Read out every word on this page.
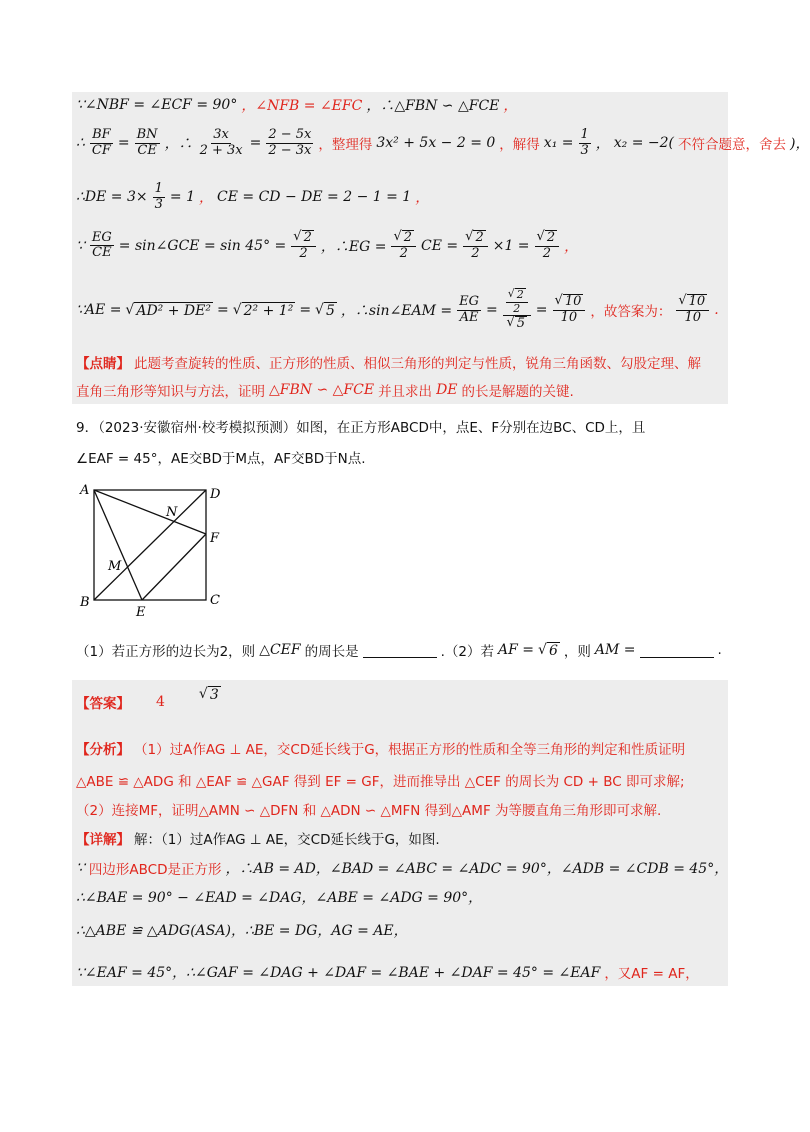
∵∠NBF = ∠ECF = 90° ，∠NFB = ∠EFC ，∴△FBN ∽ △FCE ，
∴ $\frac{BF}{CF} = \frac{BN}{CE}$ ，∴ $\frac{3x}{2 + 3x} = \frac{2 - 5x}{2 - 3x}$ ，整理得 3x² + 5x − 2 = 0 ，解得 $x_1 = \frac{1}{3}$ ， x₂ = −2( 不符合题意，舍去 )，
∴DE = $3\times \frac{1}{3} = 1$ ， CE = CD − DE = 2 − 1 = 1 ，
∵ $\frac{EG}{CE}$ = sin∠GCE = $\sin 45^\circ = \frac{√ 2}{2}$ ，∴EG = $\frac{√ 2}{2}$ CE = $\frac{√ 2}{2} \times 1 = \frac{√ 2}{2}$ ，
∵AE = √ AD² + DE² = √ 2² + 1² = √ 5 ，∴sin∠EAM = $\frac{EG}{AE} = \frac{\frac{√ 2}{2}}{√ 5} = \frac{√ 10}{10}$ ，故答案为： $\frac{√ 10}{10}$ .
【点睛】 此题考查旋转的性质、正方形的性质、相似三角形的判定与性质，锐角三角函数、勾股定理、解
直角三角形等知识与方法，证明 △FBN ∽ △FCE 并且求出 DE 的长是解题的关键.
9．（2023·安徽宿州·校考模拟预测）如图，在正方形ABCD中，点E、F分别在边BC、CD上，且
∠EAF = 45°，AE交BD于M点，AF交BD于N点.
A	D
B	C
E
F
M
N
（1）若正方形的边长为2，则 △CEF 的周长是	.（2）若 AF = √ 6 ，则 AM =	.
【答案】 4
√ 3
【分析】 （1）过A作AG ⊥ AE，交CD延长线于G，根据正方形的性质和全等三角形的判定和性质证明
△ABE ≌ △ADG 和 △EAF ≌ △GAF 得到 EF = GF，进而推导出 △CEF 的周长为 CD + BC 即可求解;
（2）连接MF，证明△AMN ∽ △DFN 和 △ADN ∽ △MFN 得到△AMF 为等腰直角三角形即可求解.
【详解】 解：（1）过A作AG ⊥ AE，交CD延长线于G，如图.
∵ 四边形ABCD是正方形 ，∴AB = AD，∠BAD = ∠ABC = ∠ADC = 90°，∠ADB = ∠CDB = 45°，
∴∠BAE = 90° − ∠EAD = ∠DAG，∠ABE = ∠ADG = 90°，
∴△ABE ≌ △ADG(ASA)，∴BE = DG，AG = AE，
∵∠EAF = 45°，∴∠GAF = ∠DAG + ∠DAF = ∠BAE + ∠DAF = 45° = ∠EAF ，又AF = AF，
